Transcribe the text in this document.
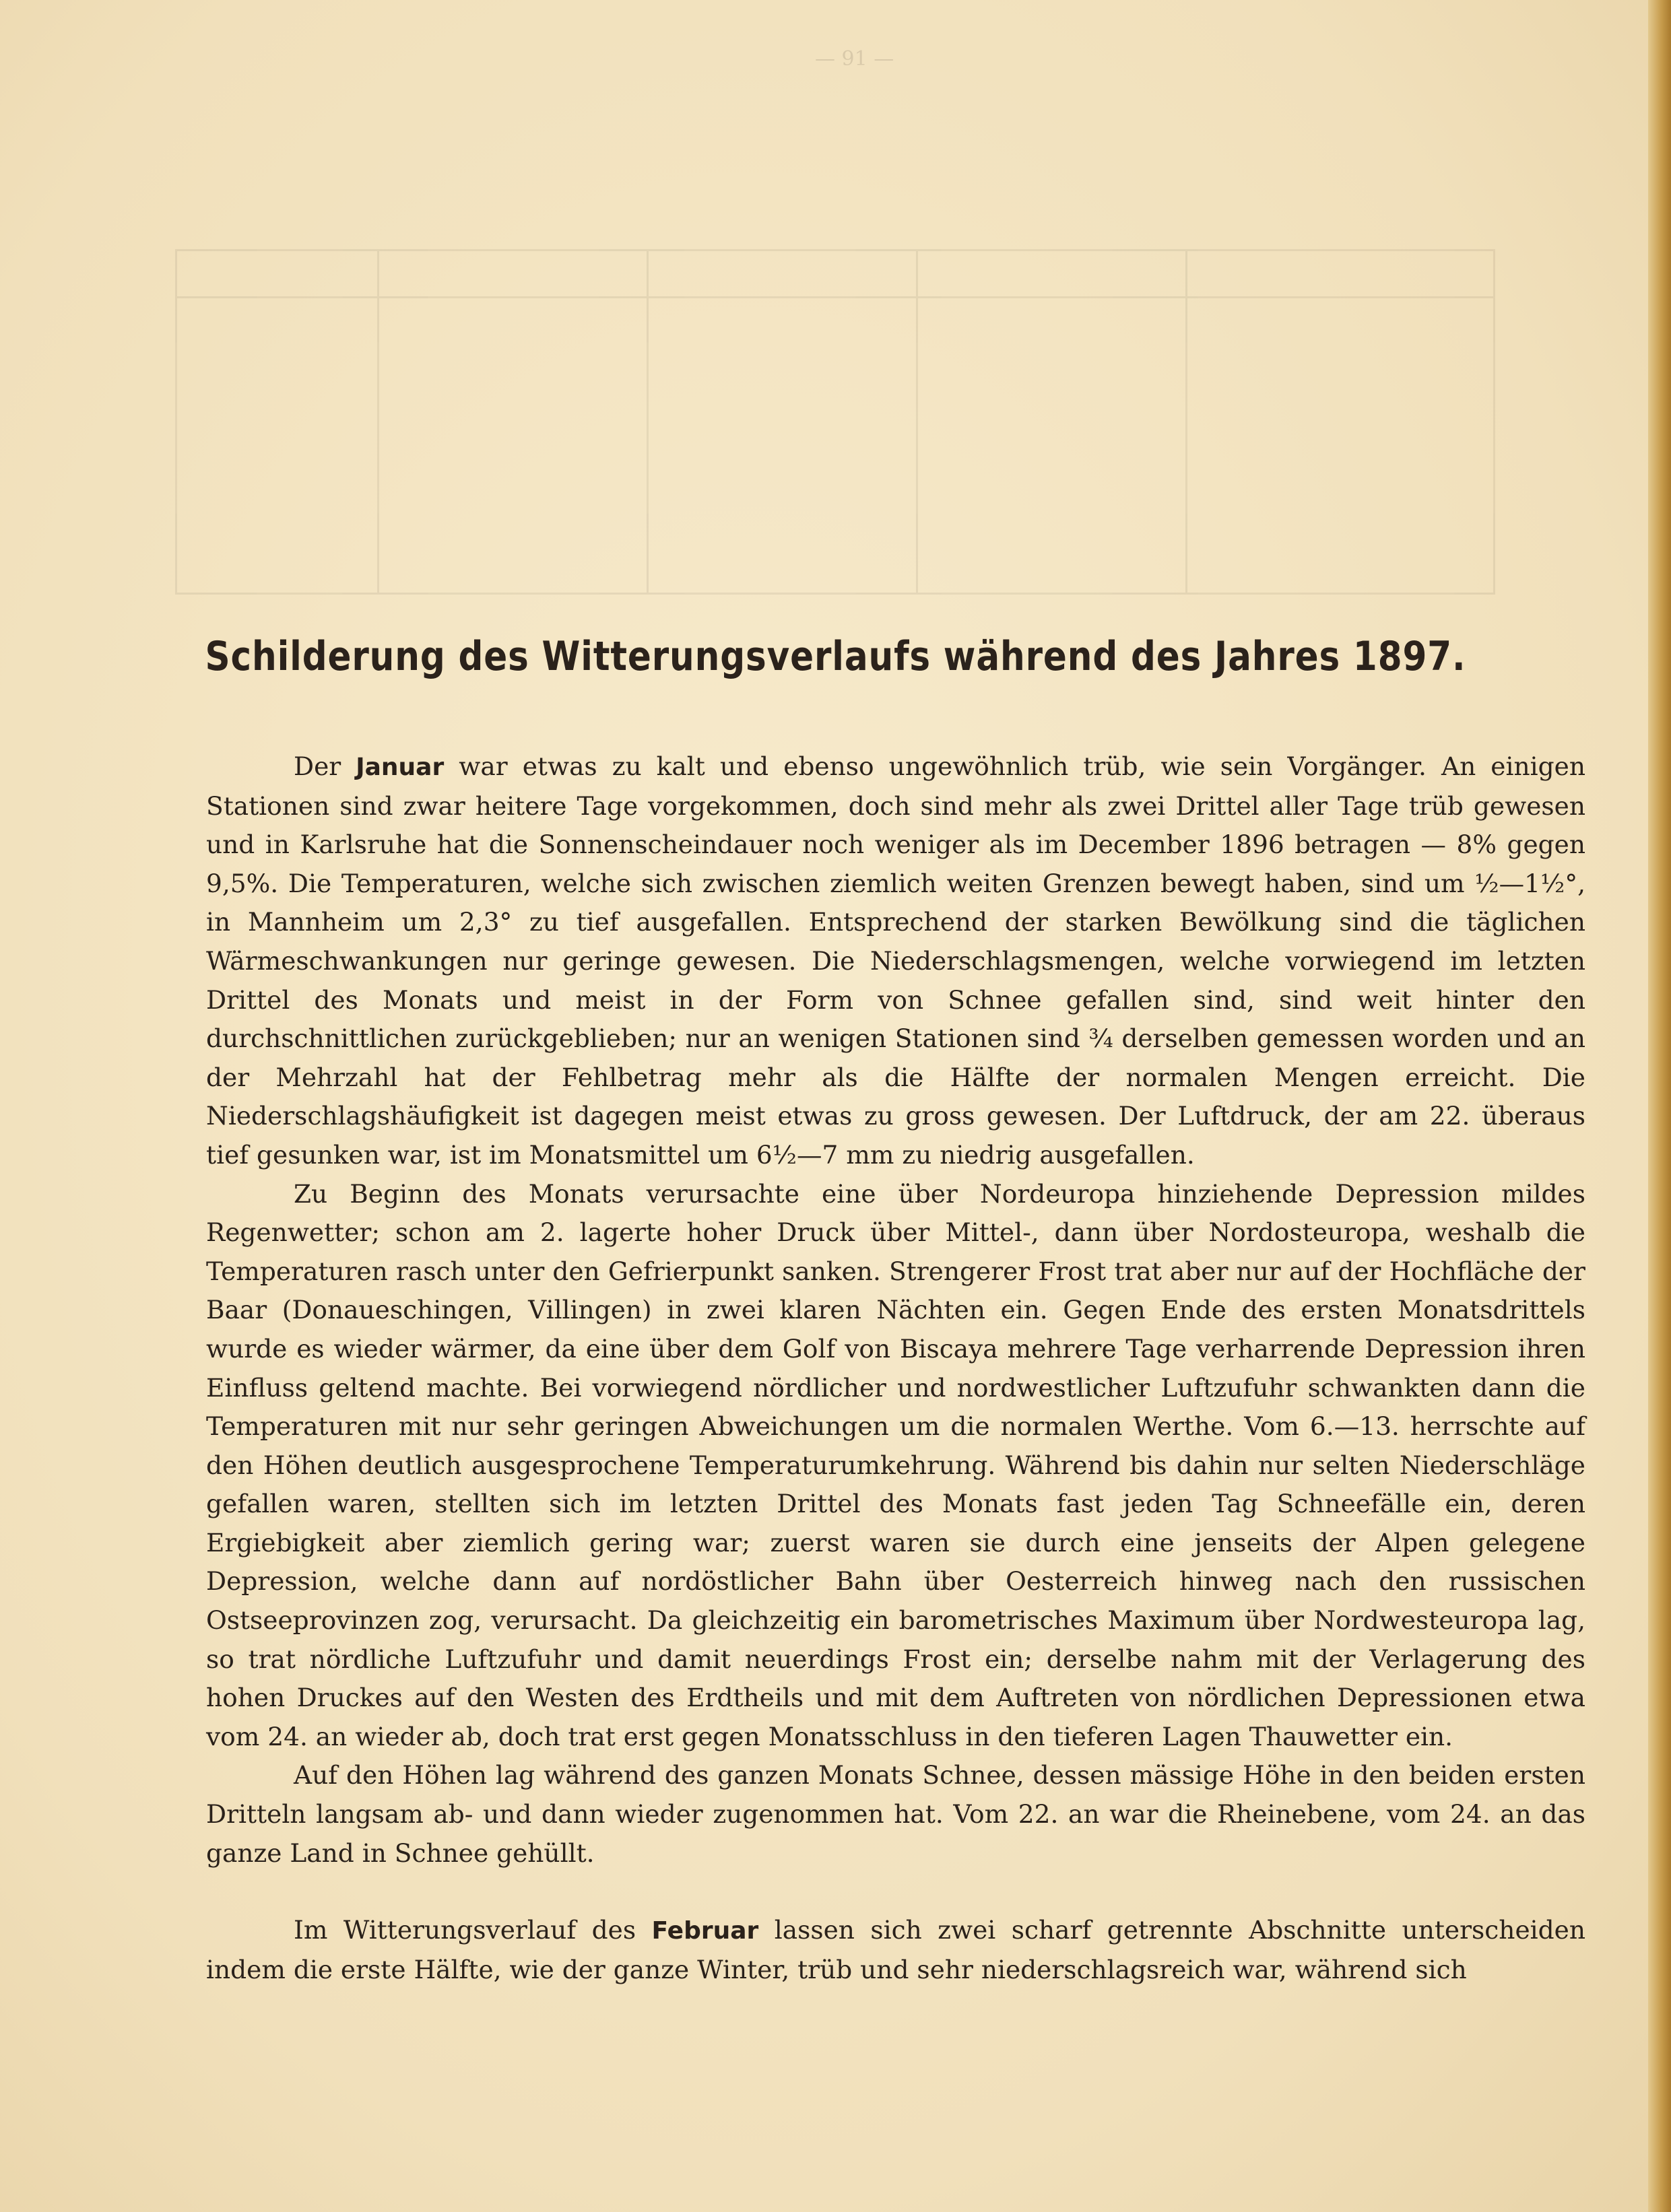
— 91 —
Schilderung des Witterungsverlaufs während des Jahres 1897.

Der Januar war etwas zu kalt und ebenso ungewöhnlich trüb, wie sein Vorgänger. An einigen Stationen sind zwar heitere Tage vorgekommen, doch sind mehr als zwei Drittel aller Tage trüb gewesen und in Karlsruhe hat die Sonnenscheindauer noch weniger als im December 1896 betragen — 8% gegen 9,5%. Die Temperaturen, welche sich zwischen ziemlich weiten Grenzen bewegt haben, sind um ½—1½°, in Mannheim um 2,3° zu tief ausgefallen. Entsprechend der starken Bewölkung sind die täglichen Wärmeschwankungen nur geringe gewesen. Die Niederschlagsmengen, welche vorwiegend im letzten Drittel des Monats und meist in der Form von Schnee gefallen sind, sind weit hinter den durchschnittlichen zurückgeblieben; nur an wenigen Stationen sind ¾ derselben gemessen worden und an der Mehrzahl hat der Fehlbetrag mehr als die Hälfte der normalen Mengen erreicht. Die Niederschlagshäufigkeit ist dagegen meist etwas zu gross gewesen. Der Luftdruck, der am 22. überaus tief gesunken war, ist im Monatsmittel um 6½—7 mm zu niedrig ausgefallen.

Zu Beginn des Monats verursachte eine über Nordeuropa hinziehende Depression mildes Regenwetter; schon am 2. lagerte hoher Druck über Mittel-, dann über Nordosteuropa, weshalb die Temperaturen rasch unter den Gefrierpunkt sanken. Strengerer Frost trat aber nur auf der Hochfläche der Baar (Donaueschingen, Villingen) in zwei klaren Nächten ein. Gegen Ende des ersten Monatsdrittels wurde es wieder wärmer, da eine über dem Golf von Biscaya mehrere Tage verharrende Depression ihren Einfluss geltend machte. Bei vorwiegend nördlicher und nordwestlicher Luftzufuhr schwankten dann die Temperaturen mit nur sehr geringen Abweichungen um die normalen Werthe. Vom 6.—13. herrschte auf den Höhen deutlich ausgesprochene Temperaturumkehrung. Während bis dahin nur selten Niederschläge gefallen waren, stellten sich im letzten Drittel des Monats fast jeden Tag Schneefälle ein, deren Ergiebigkeit aber ziemlich gering war; zuerst waren sie durch eine jenseits der Alpen gelegene Depression, welche dann auf nordöstlicher Bahn über Oesterreich hinweg nach den russischen Ostseeprovinzen zog, verursacht. Da gleichzeitig ein barometrisches Maximum über Nordwesteuropa lag, so trat nördliche Luftzufuhr und damit neuerdings Frost ein; derselbe nahm mit der Verlagerung des hohen Druckes auf den Westen des Erdtheils und mit dem Auftreten von nördlichen Depressionen etwa vom 24. an wieder ab, doch trat erst gegen Monatsschluss in den tieferen Lagen Thauwetter ein.

Auf den Höhen lag während des ganzen Monats Schnee, dessen mässige Höhe in den beiden ersten Dritteln langsam ab- und dann wieder zugenommen hat. Vom 22. an war die Rheinebene, vom 24. an das ganze Land in Schnee gehüllt.

Im Witterungsverlauf des Februar lassen sich zwei scharf getrennte Abschnitte unterscheiden indem die erste Hälfte, wie der ganze Winter, trüb und sehr niederschlagsreich war, während sich
